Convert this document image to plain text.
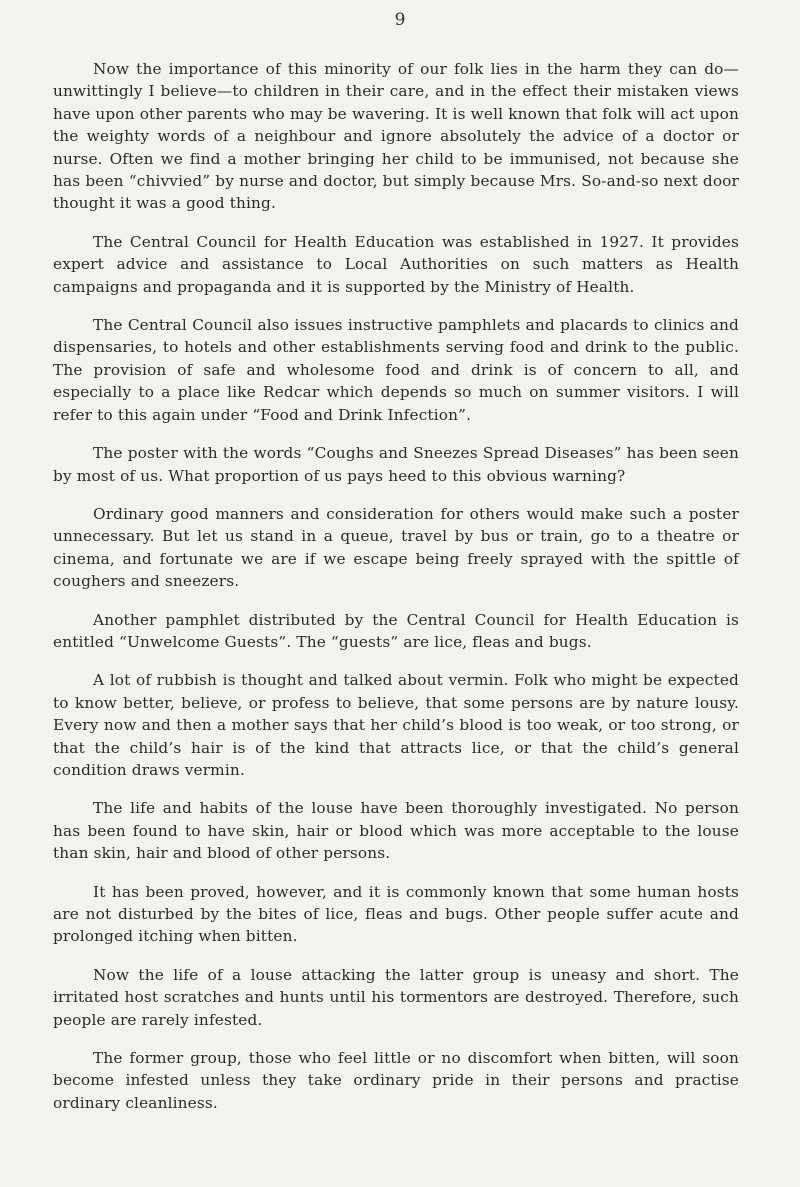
9

Now the importance of this minority of our folk lies in the harm they can do—unwittingly I believe—to children in their care, and in the effect their mistaken views have upon other parents who may be wavering. It is well known that folk will act upon the weighty words of a neighbour and ignore absolutely the advice of a doctor or nurse. Often we find a mother bringing her child to be immunised, not because she has been “chivvied” by nurse and doctor, but simply because Mrs. So-and-so next door thought it was a good thing.

The Central Council for Health Education was established in 1927. It provides expert advice and assistance to Local Authorities on such matters as Health campaigns and propaganda and it is supported by the Ministry of Health.

The Central Council also issues instructive pamphlets and placards to clinics and dispensaries, to hotels and other establishments serving food and drink to the public. The provision of safe and wholesome food and drink is of concern to all, and especially to a place like Redcar which depends so much on summer visitors. I will refer to this again under “Food and Drink Infection”.

The poster with the words “Coughs and Sneezes Spread Diseases” has been seen by most of us. What proportion of us pays heed to this obvious warning?

Ordinary good manners and consideration for others would make such a poster unnecessary. But let us stand in a queue, travel by bus or train, go to a theatre or cinema, and fortunate we are if we escape being freely sprayed with the spittle of coughers and sneezers.

Another pamphlet distributed by the Central Council for Health Education is entitled “Unwelcome Guests”. The “guests” are lice, fleas and bugs.

A lot of rubbish is thought and talked about vermin. Folk who might be expected to know better, believe, or profess to believe, that some persons are by nature lousy. Every now and then a mother says that her child’s blood is too weak, or too strong, or that the child’s hair is of the kind that attracts lice, or that the child’s general condition draws vermin.

The life and habits of the louse have been thoroughly investigated. No person has been found to have skin, hair or blood which was more acceptable to the louse than skin, hair and blood of other persons.

It has been proved, however, and it is commonly known that some human hosts are not disturbed by the bites of lice, fleas and bugs. Other people suffer acute and prolonged itching when bitten.

Now the life of a louse attacking the latter group is uneasy and short. The irritated host scratches and hunts until his tormentors are destroyed. Therefore, such people are rarely infested.

The former group, those who feel little or no discomfort when bitten, will soon become infested unless they take ordinary pride in their persons and practise ordinary cleanliness.
